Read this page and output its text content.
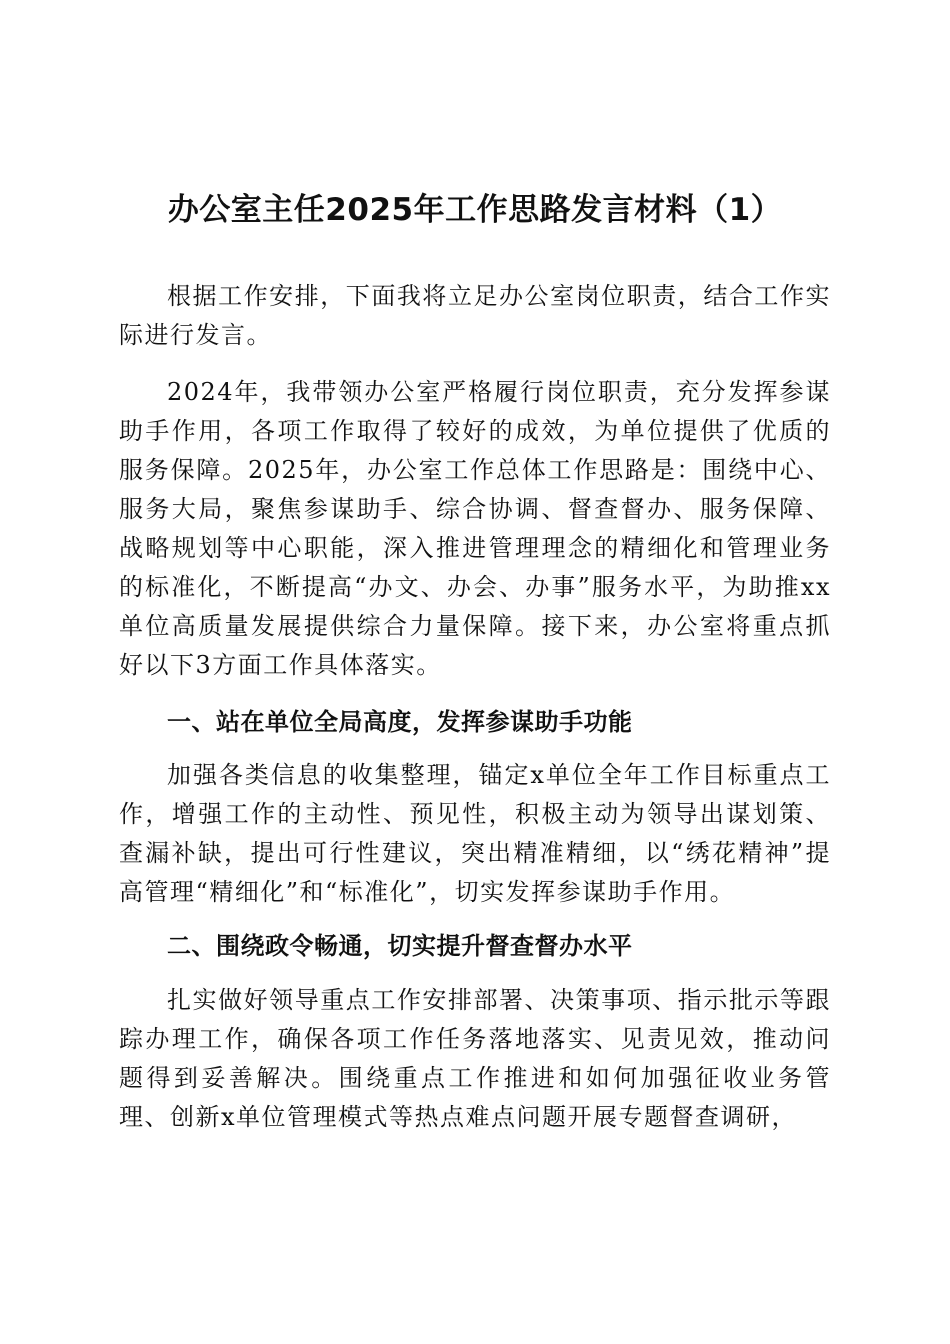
办公室主任2025年工作思路发言材料（1）

根据工作安排，下面我将立足办公室岗位职责，结合工作实际进行发言。

2024年，我带领办公室严格履行岗位职责，充分发挥参谋助手作用，各项工作取得了较好的成效，为单位提供了优质的服务保障。2025年，办公室工作总体工作思路是：围绕中心、服务大局，聚焦参谋助手、综合协调、督查督办、服务保障、战略规划等中心职能，深入推进管理理念的精细化和管理业务的标准化，不断提高“办文、办会、办事”服务水平，为助推xx单位高质量发展提供综合力量保障。接下来，办公室将重点抓好以下3方面工作具体落实。

一、站在单位全局高度，发挥参谋助手功能

加强各类信息的收集整理，锚定x单位全年工作目标重点工作，增强工作的主动性、预见性，积极主动为领导出谋划策、查漏补缺，提出可行性建议，突出精准精细，以“绣花精神”提高管理“精细化”和“标准化”，切实发挥参谋助手作用。

二、围绕政令畅通，切实提升督查督办水平

扎实做好领导重点工作安排部署、决策事项、指示批示等跟踪办理工作，确保各项工作任务落地落实、见责见效，推动问题得到妥善解决。围绕重点工作推进和如何加强征收业务管理、创新x单位管理模式等热点难点问题开展专题督查调研，
